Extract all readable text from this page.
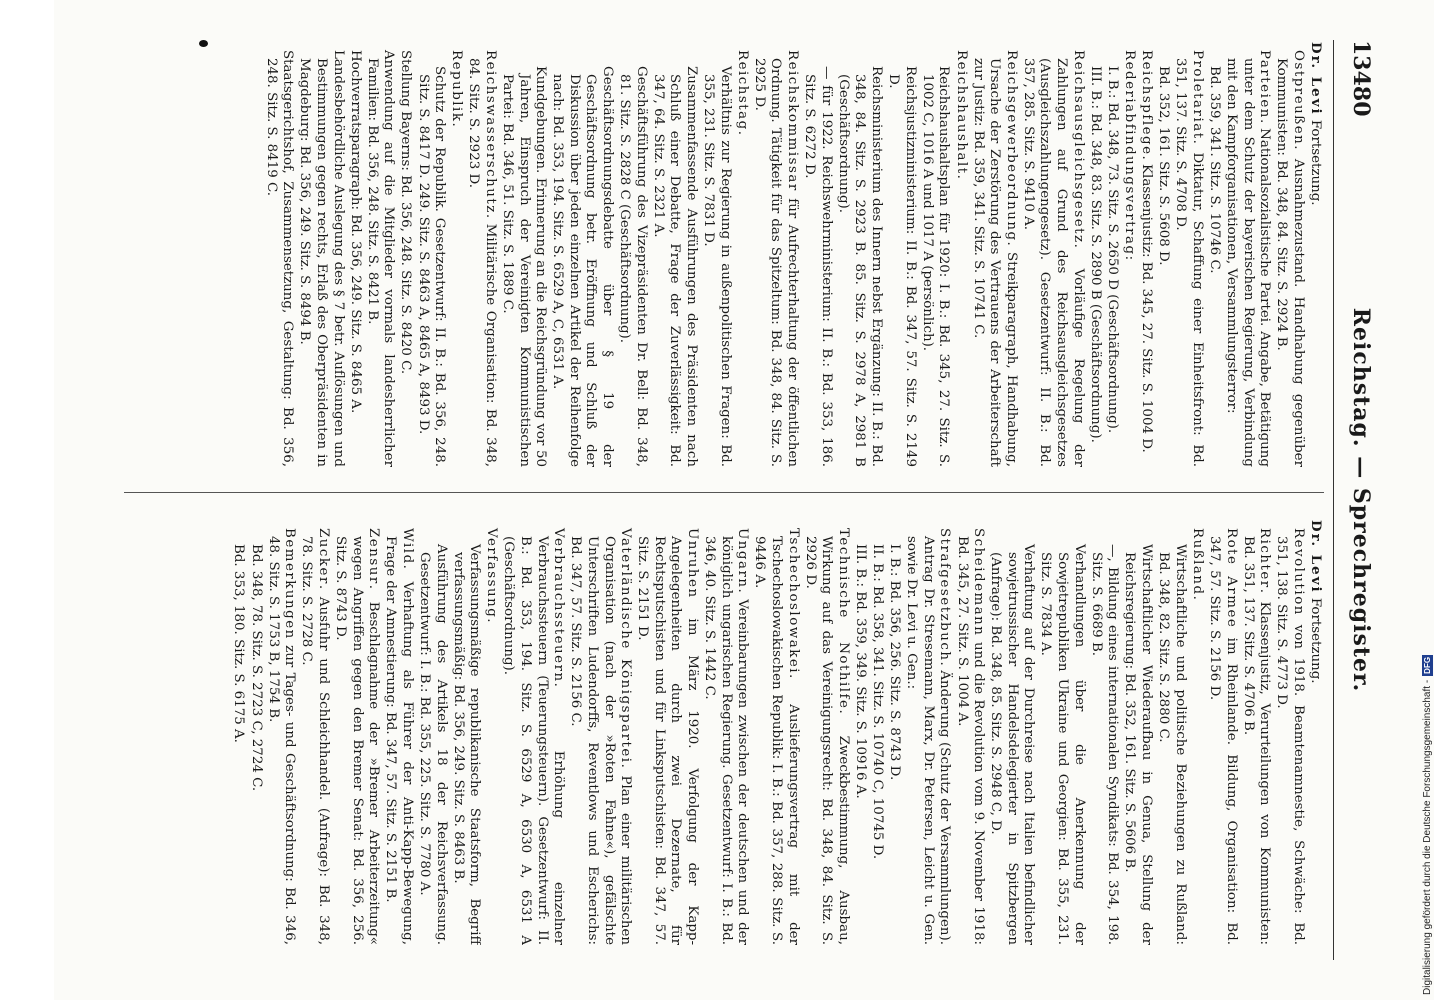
13480
Reichstag. — Sprechregister.

Dr. Levi Fortsetzung.

Ostpreußen. Ausnahmezustand. Handhabung gegenüber Kommunisten: Bd. 348, 84. Sitz. S. 2924 B.

Parteien. Nationalsozialistische Partei. Angabe, Betätigung unter dem Schutz der bayerischen Regierung, Verbindung mit den Kampforganisationen, Versammlungsterror:

Bd. 359, 341. Sitz. S. 10746 C.

Proletariat. Diktatur, Schaffung einer Einheitsfront: Bd. 351, 137. Sitz. S. 4708 D.

Bd. 352, 161. Sitz. S. 5608 D.

Reichspflege. Klassenjustiz: Bd. 345, 27. Sitz. S. 1004 D.

Rederiabfindungsvertrag:

I. B.: Bd. 348, 73. Sitz. S. 2650 D (Geschäftsordnung).

III. B.: Bd. 348, 83. Sitz. S. 2890 B (Geschäftsordnung).

Reichsausgleichsgesetz. Vorläufige Regelung der Zahlungen auf Grund des Reichsausgleichsgesetzes (Ausgleichszahlungengesetz). Gesetzentwurf: II. B.: Bd. 357, 285. Sitz. S. 9410 A.

Reichsgewerbeordnung. Streikparagraph, Handhabung, Ursache der Zerstörung des Vertrauens der Arbeiterschaft zur Justiz: Bd. 359, 341. Sitz. S. 10741 C.

Reichshaushalt.

Reichshaushaltsplan für 1920: I. B.: Bd. 345, 27. Sitz. S. 1002 C, 1016 A und 1017 A (persönlich).

Reichsjustizministerium: II. B.: Bd. 347, 57. Sitz. S. 2149 D.

Reichsministerium des Innern nebst Ergänzung: II. B.: Bd. 348, 84. Sitz. S. 2923 B. 85. Sitz. S. 2978 A, 2981 B (Geschäftsordnung).

— für 1922. Reichswehrministerium: II. B.: Bd. 353, 186. Sitz. S. 6272 D.

Reichskommissar für Aufrechterhaltung der öffentlichen Ordnung. Tätigkeit für das Spitzeltum: Bd. 348, 84. Sitz. S. 2925 D.

Reichstag.

Verhältnis zur Regierung in außenpolitischen Fragen: Bd. 355, 231. Sitz. S. 7831 D.

Zusammenfassende Ausführungen des Präsidenten nach Schluß einer Debatte, Frage der Zuverlässigkeit: Bd. 347, 64. Sitz. S. 2321 A.

Geschäftsführung des Vizepräsidenten Dr. Bell: Bd. 348, 81. Sitz. S. 2828 C (Geschäftsordnung).

Geschäftsordnungsdebatte über § 19 der Geschäftsordnung betr. Eröffnung und Schluß der Diskussion über jeden einzelnen Artikel der Reihenfolge nach: Bd. 353, 194. Sitz. S. 6529 A, C, 6531 A.

Kundgebungen. Erinnerung an die Reichsgründung vor 50 Jahren, Einspruch der Vereinigten Kommunistischen Partei: Bd. 346, 51. Sitz. S. 1889 C.

Reichswasserschutz. Militärische Organisation: Bd. 348, 84. Sitz. S. 2923 D.

Republik.

Schutz der Republik. Gesetzentwurf: II. B.: Bd. 356, 248. Sitz. S. 8417 D. 249. Sitz. S. 8463 A, 8465 A, 8493 D.

Stellung Bayerns: Bd. 356, 248. Sitz. S. 8420 C.

Anwendung auf die Mitglieder vormals landesherrlicher Familien: Bd. 356, 248. Sitz. S. 8421 B.

Hochverratsparagraph: Bd. 356, 249. Sitz. S. 8465 A.

Landesbehördliche Auslegung des § 7 betr. Auflösungen und Bestimmungen gegen rechts, Erlaß des Oberpräsidenten in Magdeburg: Bd. 356, 249. Sitz. S. 8494 B.

Staatsgerichtshof, Zusammensetzung, Gestaltung: Bd. 356, 248. Sitz. S. 8419 C.

Dr. Levi Fortsetzung.

Revolution von 1918. Beamtenamnestie, Schwäche: Bd. 351, 138. Sitz. S. 4773 D.

Richter. Klassenjustiz, Verurteilungen von Kommunisten: Bd. 351, 137. Sitz. S. 4706 B.

Rote Armee im Rheinlande. Bildung, Organisation: Bd. 347, 57. Sitz. S. 2156 D.

Rußland.

Wirtschaftliche und politische Beziehungen zu Rußland: Bd. 348, 82. Sitz. S. 2880 C.

Wirtschaftlicher Wiederaufbau in Genua, Stellung der Reichsregierung: Bd. 352, 161. Sitz. S. 5606 B.

—, Bildung eines internationalen Syndikats: Bd. 354, 198. Sitz. S. 6689 B.

Verhandlungen über die Anerkennung der Sowjetrepubliken Ukraine und Georgien: Bd. 355, 231. Sitz. S. 7834 A.

Verhaftung auf der Durchreise nach Italien befindlicher sowjetrussischer Handelsdelegierter in Spitzbergen (Anfrage): Bd. 348, 85. Sitz. S. 2948 C, D.

Scheidemann und die Revolution vom 9. November 1918: Bd. 345, 27. Sitz. S. 1004 A.

Strafgesetzbuch. Änderung (Schutz der Versammlungen). Antrag Dr. Stresemann, Marx, Dr. Petersen, Leicht u. Gen. sowie Dr. Levi u. Gen.:

I. B.: Bd. 356, 256. Sitz. S. 8743 D.

II. B.: Bd. 358, 341. Sitz. S. 10740 C, 10745 D.

III. B.: Bd. 359, 349. Sitz. S. 10916 A.

Technische Nothilfe. Zweckbestimmung, Ausbau, Wirkung auf das Vereinigungsrecht: Bd. 348, 84. Sitz. S. 2926 D.

Tschechoslowakei. Auslieferungsvertrag mit der Tschechoslowakischen Republik: I. B.: Bd. 357, 288. Sitz. S. 9446 A.

Ungarn. Vereinbarungen zwischen der deutschen und der königlich ungarischen Regierung. Gesetzentwurf: I. B.: Bd. 346, 40. Sitz. S. 1442 C.

Unruhen im März 1920. Verfolgung der Kapp-Angelegenheiten durch zwei Dezernate, für Rechtsputschisten und für Linksputschisten: Bd. 347, 57. Sitz. S. 2151 D.

Vaterländische Königspartei. Plan einer militärischen Organisation (nach der »Roten Fahne«), gefälschte Unterschriften Ludendorffs, Reventlows und Escherichs: Bd. 347, 57. Sitz. S. 2156 C.

Verbrauchssteuern. Erhöhung einzelner Verbrauchssteuern (Teuerungsteuern). Gesetzentwurf: II. B.: Bd. 353, 194. Sitz. S. 6529 A, 6530 A, 6531 A (Geschäftsordnung).

Verfassung.

Verfassungsmäßige republikanische Staatsform, Begriff verfassungsmäßig: Bd. 356, 249. Sitz. S. 8463 B.

Ausführung des Artikels 18 der Reichsverfassung. Gesetzentwurf: I. B.: Bd. 355, 225. Sitz. S. 7780 A.

Wild. Verhaftung als Führer der Anti-Kapp-Bewegung, Frage der Amnestierung: Bd. 347, 57. Sitz. S. 2151 B.

Zensur. Beschlagnahme der »Bremer Arbeiterzeitung« wegen Angriffen gegen den Bremer Senat: Bd. 356, 256. Sitz. S. 8743 D.

Zucker. Ausfuhr und Schleichhandel. (Anfrage): Bd. 348, 78. Sitz. S. 2728 C.

Bemerkungen zur Tages- und Geschäftsordnung: Bd. 346, 48. Sitz. S. 1753 B, 1754 B.

Bd. 348, 78. Sitz. S. 2723 C, 2724 C.

Bd. 353, 180. Sitz. S. 6175 A.

Digitalisierung gefördert durch die Deutsche Forschungsgemeinschaft -
DFG
